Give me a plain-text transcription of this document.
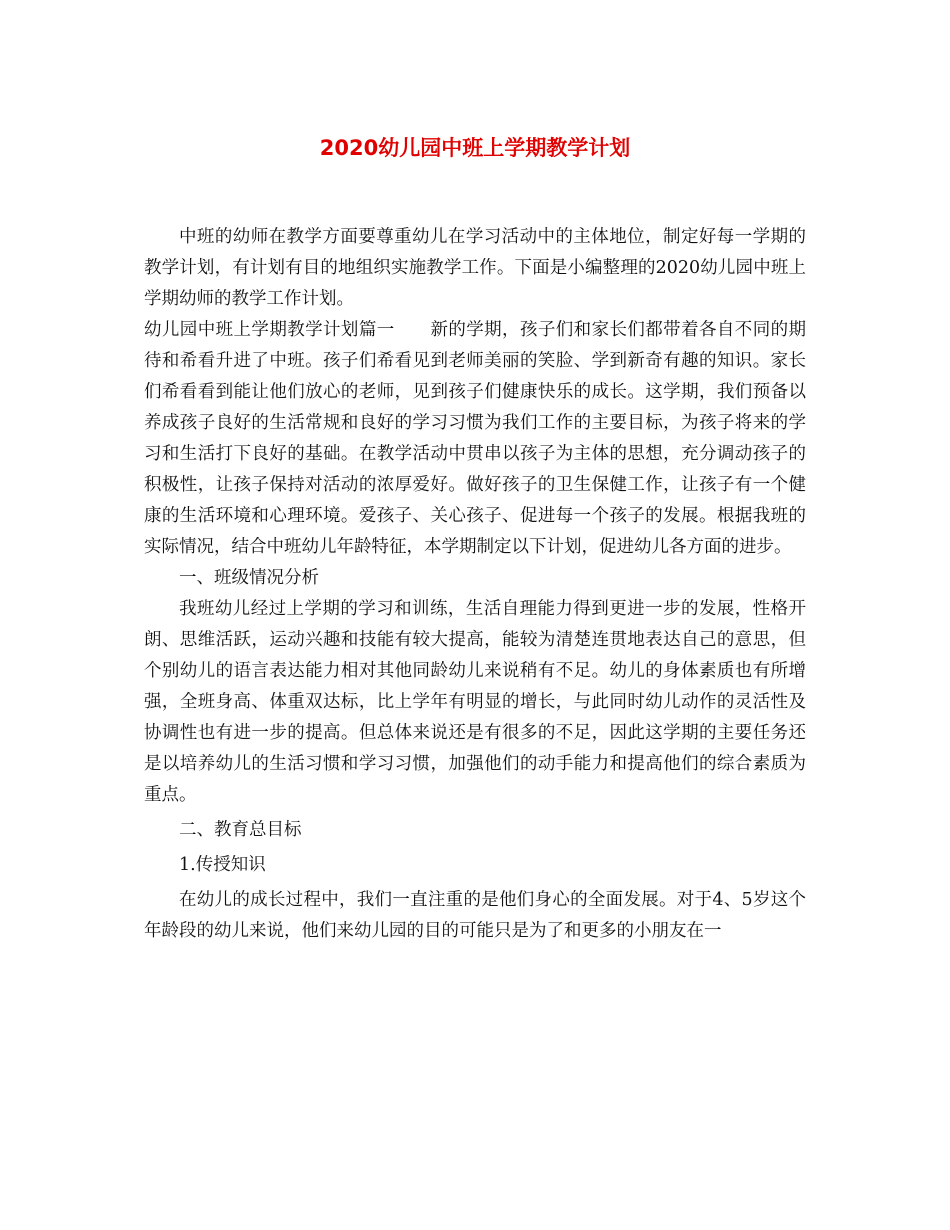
2020幼儿园中班上学期教学计划

中班的幼师在教学方面要尊重幼儿在学习活动中的主体地位，制定好每一学期的教学计划，有计划有目的地组织实施教学工作。下面是小编整理的2020幼儿园中班上学期幼师的教学工作计划。

幼儿园中班上学期教学计划篇一　　新的学期，孩子们和家长们都带着各自不同的期待和希看升进了中班。孩子们希看见到老师美丽的笑脸、学到新奇有趣的知识。家长们希看看到能让他们放心的老师，见到孩子们健康快乐的成长。这学期，我们预备以养成孩子良好的生活常规和良好的学习习惯为我们工作的主要目标，为孩子将来的学习和生活打下良好的基础。在教学活动中贯串以孩子为主体的思想，充分调动孩子的积极性，让孩子保持对活动的浓厚爱好。做好孩子的卫生保健工作，让孩子有一个健康的生活环境和心理环境。爱孩子、关心孩子、促进每一个孩子的发展。根据我班的实际情况，结合中班幼儿年龄特征，本学期制定以下计划，促进幼儿各方面的进步。

一、班级情况分析

我班幼儿经过上学期的学习和训练，生活自理能力得到更进一步的发展，性格开朗、思维活跃，运动兴趣和技能有较大提高，能较为清楚连贯地表达自己的意思，但个别幼儿的语言表达能力相对其他同龄幼儿来说稍有不足。幼儿的身体素质也有所增强，全班身高、体重双达标，比上学年有明显的增长，与此同时幼儿动作的灵活性及协调性也有进一步的提高。但总体来说还是有很多的不足，因此这学期的主要任务还是以培养幼儿的生活习惯和学习习惯，加强他们的动手能力和提高他们的综合素质为重点。

二、教育总目标

1.传授知识

在幼儿的成长过程中，我们一直注重的是他们身心的全面发展。对于4、5岁这个年龄段的幼儿来说，他们来幼儿园的目的可能只是为了和更多的小朋友在一
